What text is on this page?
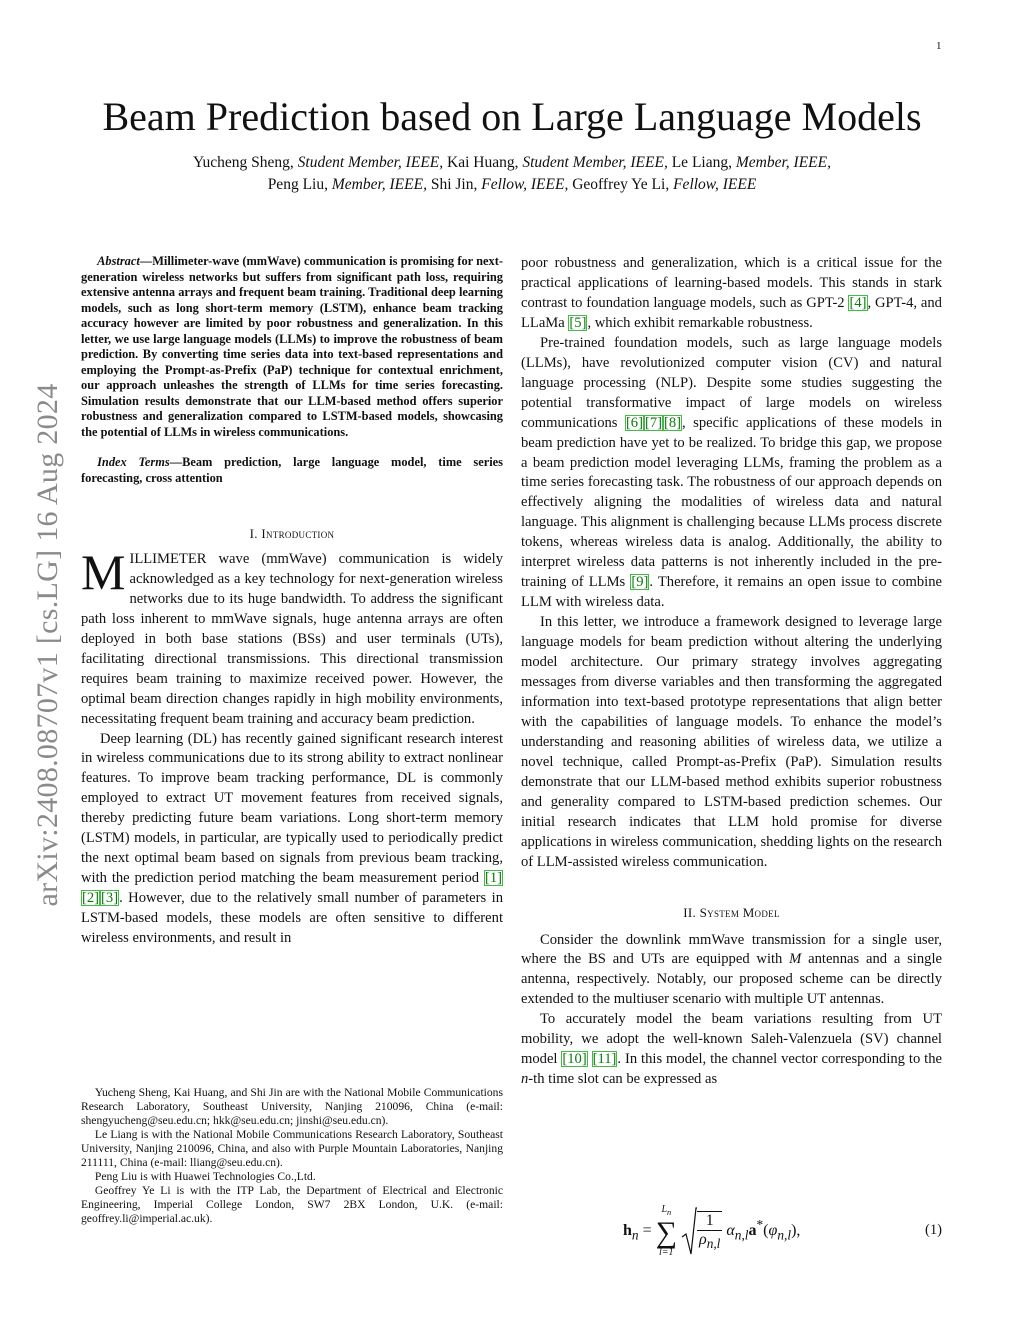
1
arXiv:2408.08707v1 [cs.LG] 16 Aug 2024
Beam Prediction based on Large Language Models
Yucheng Sheng, Student Member, IEEE, Kai Huang, Student Member, IEEE, Le Liang, Member, IEEE,
Peng Liu, Member, IEEE, Shi Jin, Fellow, IEEE, Geoffrey Ye Li, Fellow, IEEE

Abstract—Millimeter-wave (mmWave) communication is promising for next-generation wireless networks but suffers from significant path loss, requiring extensive antenna arrays and frequent beam training. Traditional deep learning models, such as long short-term memory (LSTM), enhance beam tracking accuracy however are limited by poor robustness and generalization. In this letter, we use large language models (LLMs) to improve the robustness of beam prediction. By converting time series data into text-based representations and employing the Prompt-as-Prefix (PaP) technique for contextual enrichment, our approach unleashes the strength of LLMs for time series forecasting. Simulation results demonstrate that our LLM-based method offers superior robustness and generalization compared to LSTM-based models, showcasing the potential of LLMs in wireless communications.

Index Terms—Beam prediction, large language model, time series forecasting, cross attention

I. Introduction

MILLIMETER wave (mmWave) communication is widely acknowledged as a key technology for next-generation wireless networks due to its huge bandwidth. To address the significant path loss inherent to mmWave signals, huge antenna arrays are often deployed in both base stations (BSs) and user terminals (UTs), facilitating directional transmissions. This directional transmission requires beam training to maximize received power. However, the optimal beam direction changes rapidly in high mobility environments, necessitating frequent beam training and accuracy beam prediction.

Deep learning (DL) has recently gained significant research interest in wireless communications due to its strong ability to extract nonlinear features. To improve beam tracking performance, DL is commonly employed to extract UT movement features from received signals, thereby predicting future beam variations. Long short-term memory (LSTM) models, in particular, are typically used to periodically predict the next optimal beam based on signals from previous beam tracking, with the prediction period matching the beam measurement period [1][2] [3]. However, due to the relatively small number of parameters in LSTM-based models, these models are often sensitive to different wireless environments, and result in

Yucheng Sheng, Kai Huang, and Shi Jin are with the National Mobile Communications Research Laboratory, Southeast University, Nanjing 210096, China (e-mail: shengyucheng@seu.edu.cn; hkk@seu.edu.cn; jinshi@seu.edu.cn).

Le Liang is with the National Mobile Communications Research Laboratory, Southeast University, Nanjing 210096, China, and also with Purple Mountain Laboratories, Nanjing 211111, China (e-mail: lliang@seu.edu.cn).

Peng Liu is with Huawei Technologies Co.,Ltd.

Geoffrey Ye Li is with the ITP Lab, the Department of Electrical and Electronic Engineering, Imperial College London, SW7 2BX London, U.K. (e-mail: geoffrey.li@imperial.ac.uk).

poor robustness and generalization, which is a critical issue for the practical applications of learning-based models. This stands in stark contrast to foundation language models, such as GPT-2 [4], GPT-4, and LLaMa [5], which exhibit remarkable robustness.

Pre-trained foundation models, such as large language models (LLMs), have revolutionized computer vision (CV) and natural language processing (NLP). Despite some studies suggesting the potential transformative impact of large models on wireless communications [6] [7] [8], specific applications of these models in beam prediction have yet to be realized. To bridge this gap, we propose a beam prediction model leveraging LLMs, framing the problem as a time series forecasting task. The robustness of our approach depends on effectively aligning the modalities of wireless data and natural language. This alignment is challenging because LLMs process discrete tokens, whereas wireless data is analog. Additionally, the ability to interpret wireless data patterns is not inherently included in the pre-training of LLMs [9]. Therefore, it remains an open issue to combine LLM with wireless data.

In this letter, we introduce a framework designed to leverage large language models for beam prediction without altering the underlying model architecture. Our primary strategy involves aggregating messages from diverse variables and then transforming the aggregated information into text-based prototype representations that align better with the capabilities of language models. To enhance the model’s understanding and reasoning abilities of wireless data, we utilize a novel technique, called Prompt-as-Prefix (PaP). Simulation results demonstrate that our LLM-based method exhibits superior robustness and generality compared to LSTM-based prediction schemes. Our initial research indicates that LLM hold promise for diverse applications in wireless communication, shedding lights on the research of LLM-assisted wireless communication.

II. System Model

Consider the downlink mmWave transmission for a single user, where the BS and UTs are equipped with M antennas and a single antenna, respectively. Notably, our proposed scheme can be directly extended to the multiuser scenario with multiple UT antennas.

To accurately model the beam variations resulting from UT mobility, we adopt the well-known Saleh-Valenzuela (SV) channel model [10] [11]. In this model, the channel vector corresponding to the n-th time slot can be expressed as

$h_n$ =
$L_n$
∑
l=1

$\frac{1}{\rho_{n,l}} \alpha_{n,l}a^*(\varphi_{n,l})$,	(1)
